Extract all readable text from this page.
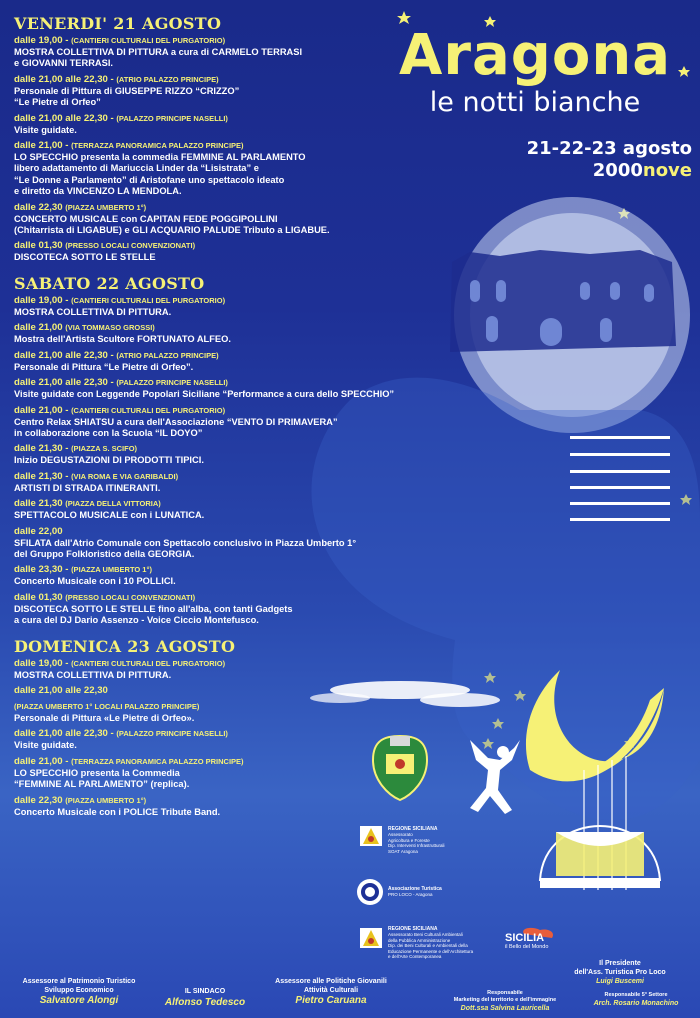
VENERDI' 21 AGOSTO
dalle 19,00 - (CANTIERI CULTURALI DEL PURGATORIO)
MOSTRA COLLETTIVA DI PITTURA a cura di CARMELO TERRASI
e GIOVANNI TERRASI.
dalle 21,00 alle 22,30 - (ATRIO PALAZZO PRINCIPE)
Personale di Pittura di GIUSEPPE RIZZO “CRIZZO”
“Le Pietre di Orfeo”
dalle 21,00 alle 22,30 - (PALAZZO PRINCIPE NASELLI)
Visite guidate.
dalle 21,00 - (TERRAZZA PANORAMICA PALAZZO PRINCIPE)
LO SPECCHIO presenta la commedia FEMMINE AL PARLAMENTO
libero adattamento di Mariuccia Linder da “Lisistrata” e
“Le Donne a Parlamento” di Aristofane uno spettacolo ideato
e diretto da VINCENZO LA MENDOLA.
dalle 22,30 (PIAZZA UMBERTO 1°)
CONCERTO MUSICALE con CAPITAN FEDE POGGIPOLLINI
(Chitarrista di LIGABUE) e GLI ACQUARIO PALUDE Tributo a LIGABUE.
dalle 01,30 (PRESSO LOCALI CONVENZIONATI)
DISCOTECA SOTTO LE STELLE
SABATO 22 AGOSTO
dalle 19,00 - (CANTIERI CULTURALI DEL PURGATORIO)
MOSTRA COLLETTIVA DI PITTURA.
dalle 21,00 (VIA TOMMASO GROSSI)
Mostra dell'Artista Scultore FORTUNATO ALFEO.
dalle 21,00 alle 22,30 - (ATRIO PALAZZO PRINCIPE)
Personale di Pittura “Le Pietre di Orfeo”.
dalle 21,00 alle 22,30 - (PALAZZO PRINCIPE NASELLI)
Visite guidate con Leggende Popolari Siciliane “Performance a cura dello SPECCHIO”
dalle 21,00 - (CANTIERI CULTURALI DEL PURGATORIO)
Centro Relax SHIATSU a cura dell'Associazione “VENTO DI PRIMAVERA”
in collaborazione con la Scuola “IL DOYO”
dalle 21,30 - (PIAZZA S. SCIFO)
Inizio DEGUSTAZIONI DI PRODOTTI TIPICI.
dalle 21,30 - (VIA ROMA E VIA GARIBALDI)
ARTISTI DI STRADA ITINERANTI.
dalle 21,30 (PIAZZA DELLA VITTORIA)
SPETTACOLO MUSICALE con i LUNATICA.
dalle 22,00
SFILATA dall'Atrio Comunale con Spettacolo conclusivo in Piazza Umberto 1°
del Gruppo Folkloristico della GEORGIA.
dalle 23,30 - (PIAZZA UMBERTO 1°)
Concerto Musicale con i 10 POLLICI.
dalle 01,30 (PRESSO LOCALI CONVENZIONATI)
DISCOTECA SOTTO LE STELLE fino all'alba, con tanti Gadgets
a cura del DJ Dario Assenzo - Voice Ciccio Montefusco.
DOMENICA 23 AGOSTO
dalle 19,00 - (CANTIERI CULTURALI DEL PURGATORIO)
MOSTRA COLLETTIVA DI PITTURA.
dalle 21,00 alle 22,30
(PIAZZA UMBERTO 1° LOCALI PALAZZO PRINCIPE)
Personale di Pittura «Le Pietre di Orfeo».
dalle 21,00 alle 22,30 - (PALAZZO PRINCIPE NASELLI)
Visite guidate.
dalle 21,00 - (TERRAZZA PANORAMICA PALAZZO PRINCIPE)
LO SPECCHIO presenta la Commedia
“FEMMINE AL PARLAMENTO” (replica).
dalle 22,30 (PIAZZA UMBERTO 1°)
Concerto Musicale con i POLICE Tribute Band.
Aragona
le notti bianche
21-22-23 agosto
2000nove
REGIONE SICILIANA
Assessorato
Agricoltura e Foreste
Dip. Interventi Infrastrutturali
SOAT Aragona
Associazione Turistica
PRO LOCO - Aragona
REGIONE SICILIANA
Assessorato Beni Culturali Ambientali
della Pubblica Amministrazione
Dip. dei Beni Culturali e Ambientali della
Educazione Permanente e dell'Architettura
e dell'Arte Contemporanea
SICILIA
il Bello del Mondo
Assessore al Patrimonio Turistico
Sviluppo Economico
Salvatore Alongi
IL SINDACO
Alfonso Tedesco
Assessore alle Politiche Giovanili
Attività Culturali
Pietro Caruana
Il Presidente
dell'Ass. Turistica Pro Loco
Luigi Buscemi
Responsabile
Marketing del territorio e dell'immagine
Dott.ssa Salvina Lauricella
Responsabile 5° Settore
Arch. Rosario Monachino
